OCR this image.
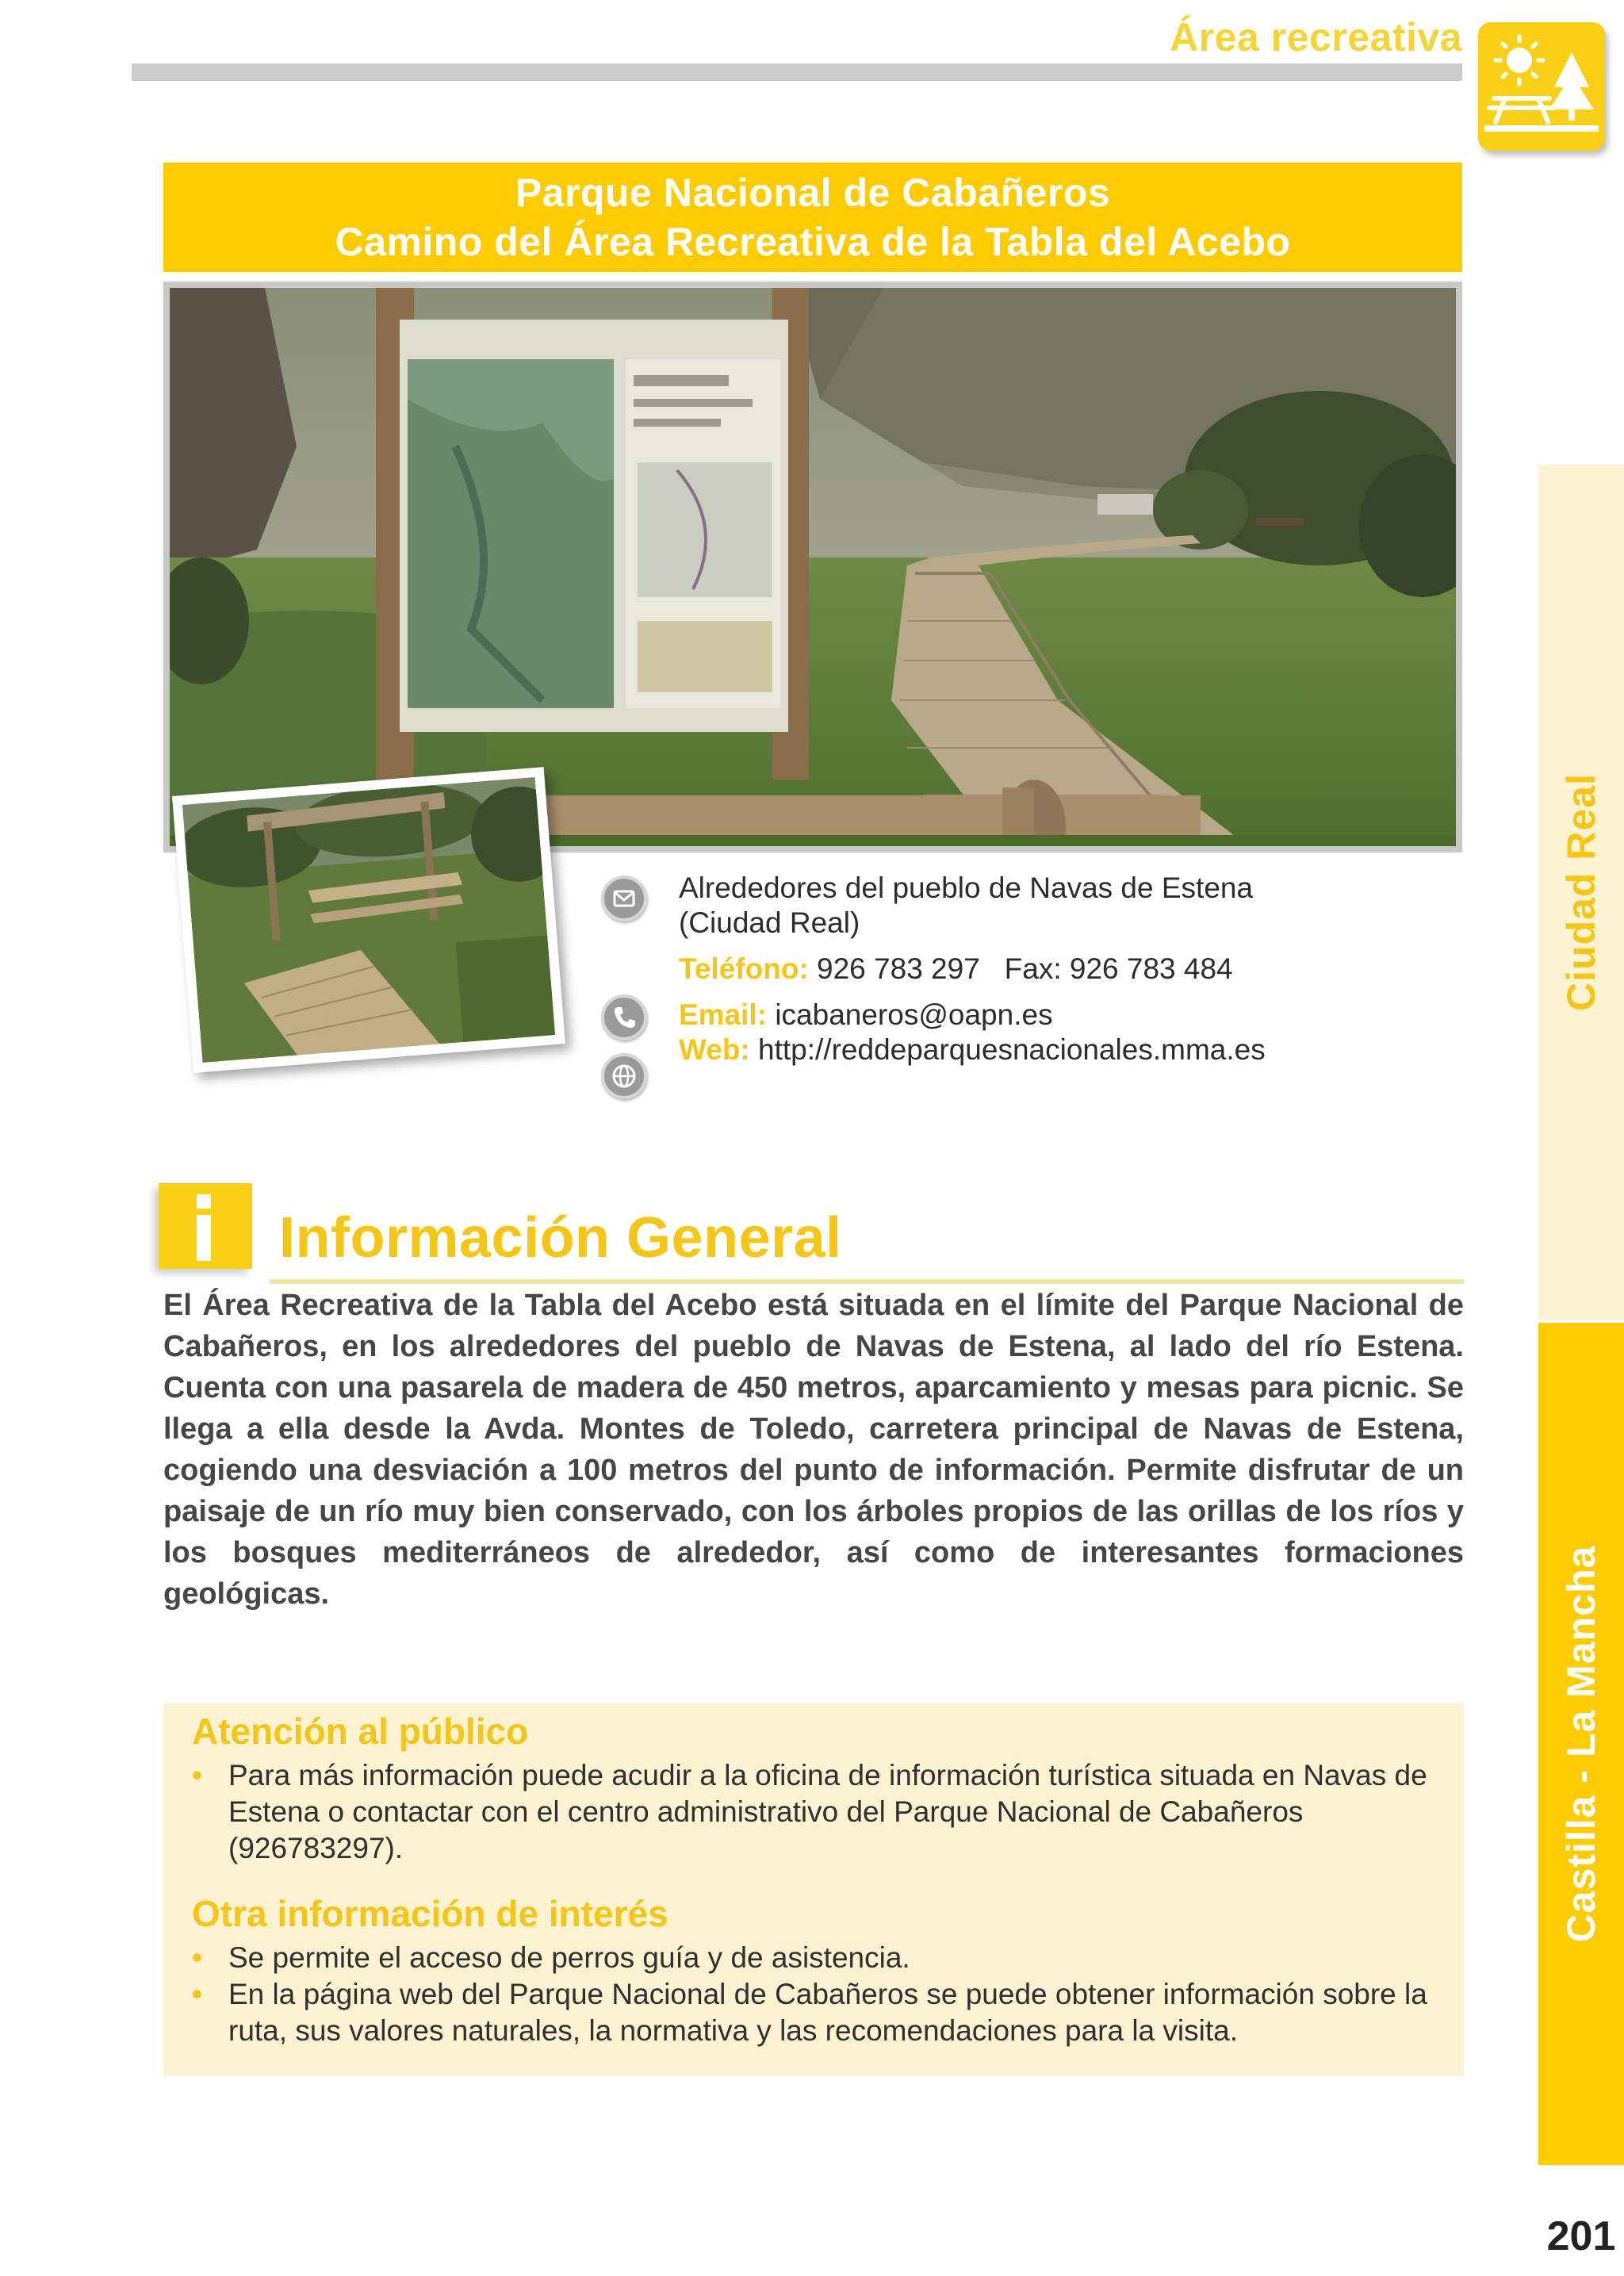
Área recreativa
Parque Nacional de Cabañeros
Camino del Área Recreativa de la Tabla del Acebo

Alrededores del pueblo de Navas de Estena

(Ciudad Real)

Teléfono: 926 783 297 Fax: 926 783 484

Email: icabaneros@oapn.es

Web: http://reddeparquesnacionales.mma.es

Información General

El Área Recreativa de la Tabla del Acebo está situada en el límite del Parque Nacional de Cabañeros, en los alrededores del pueblo de Navas de Estena, al lado del río Estena. Cuenta con una pasarela de madera de 450 metros, aparcamiento y mesas para picnic. Se llega a ella desde la Avda. Montes de Toledo, carretera principal de Navas de Estena, cogiendo una desviación a 100 metros del punto de información. Permite disfrutar de un paisaje de un río muy bien conservado, con los árboles propios de las orillas de los ríos y los bosques mediterráneos de alrededor, así como de interesantes formaciones geológicas.

Atención al público
• Para más información puede acudir a la oficina de información turística situada en Navas de Estena o contactar con el centro administrativo del Parque Nacional de Cabañeros (926783297).
Otra información de interés
• Se permite el acceso de perros guía y de asistencia.
• En la página web del Parque Nacional de Cabañeros se puede obtener información sobre la ruta, sus valores naturales, la normativa y las recomendaciones para la visita.
Ciudad Real
Castilla - La Mancha
201
